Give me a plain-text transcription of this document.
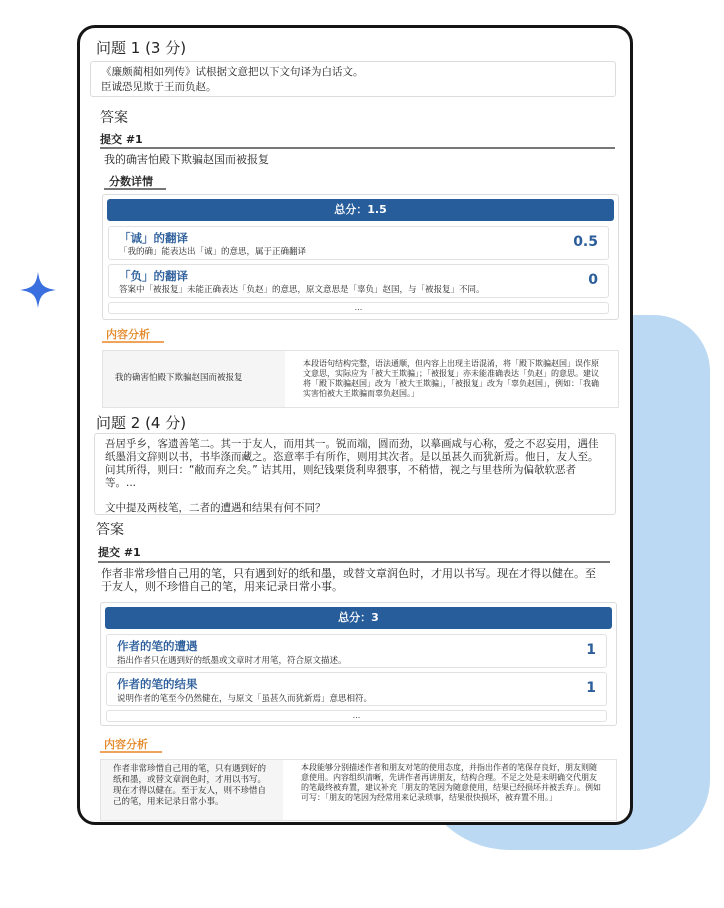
问题 1 (3 分)
《廉颇蔺相如列传》试根据文意把以下文句译为白话文。
臣诚恐见欺于王而负赵。
答案
提交 #1
我的确害怕殿下欺骗赵国而被报复
分数详情
总分：1.5
「诚」的翻译
「我的确」能表达出「诚」的意思，属于正确翻译
0.5
「负」的翻译
答案中「被报复」未能正确表达「负赵」的意思，原文意思是「辜负」赵国，与「被报复」不同。
0
...
内容分析
我的确害怕殿下欺骗赵国而被报复
本段语句结构完整，语法通顺，但内容上出现主语混淆，将「殿下欺骗赵国」误作原文意思，实际应为「被大王欺骗」；「被报复」亦未能准确表达「负赵」的意思。建议将「殿下欺骗赵国」改为「被大王欺骗」，「被报复」改为「辜负赵国」，例如：「我确实害怕被大王欺骗而辜负赵国。」
问题 2 (4 分)
吾居乎乡，客遗善笔二。其一于友人，而用其一。锐而端，圆而劲，以摹画咸与心称，爱之不忍妄用，遇佳纸墨涓文辞则以书，书毕涤而藏之。恣意率手有所作，则用其次者。是以虽甚久而犹新焉。他日，友人至。问其所得，则曰：“敝而弃之矣。” 诘其用，则纪钱栗货利卑猥事，不稍惜，视之与里巷所为偏欹软恶者等。...
文中提及两枝笔，二者的遭遇和结果有何不同？
答案
提交 #1
作者非常珍惜自己用的笔，只有遇到好的纸和墨，或替文章润色时，才用以书写。现在才得以健在。至于友人，则不珍惜自己的笔，用来记录日常小事。
总分：3
作者的笔的遭遇
指出作者只在遇到好的纸墨或文章时才用笔，符合原文描述。
1
作者的笔的结果
说明作者的笔至今仍然健在，与原文「虽甚久而犹新焉」意思相符。
1
...
内容分析
作者非常珍惜自己用的笔，只有遇到好的纸和墨，或替文章润色时，才用以书写。现在才得以健在。至于友人，则不珍惜自己的笔，用来记录日常小事。
本段能够分别描述作者和朋友对笔的使用态度，并指出作者的笔保存良好，朋友则随意使用。内容组织清晰，先讲作者再讲朋友，结构合理。不足之处是未明确交代朋友的笔最终被弃置，建议补充「朋友的笔因为随意使用，结果已经损坏并被丢弃」。例如可写：「朋友的笔因为经常用来记录琐事，结果很快损坏，被弃置不用。」
